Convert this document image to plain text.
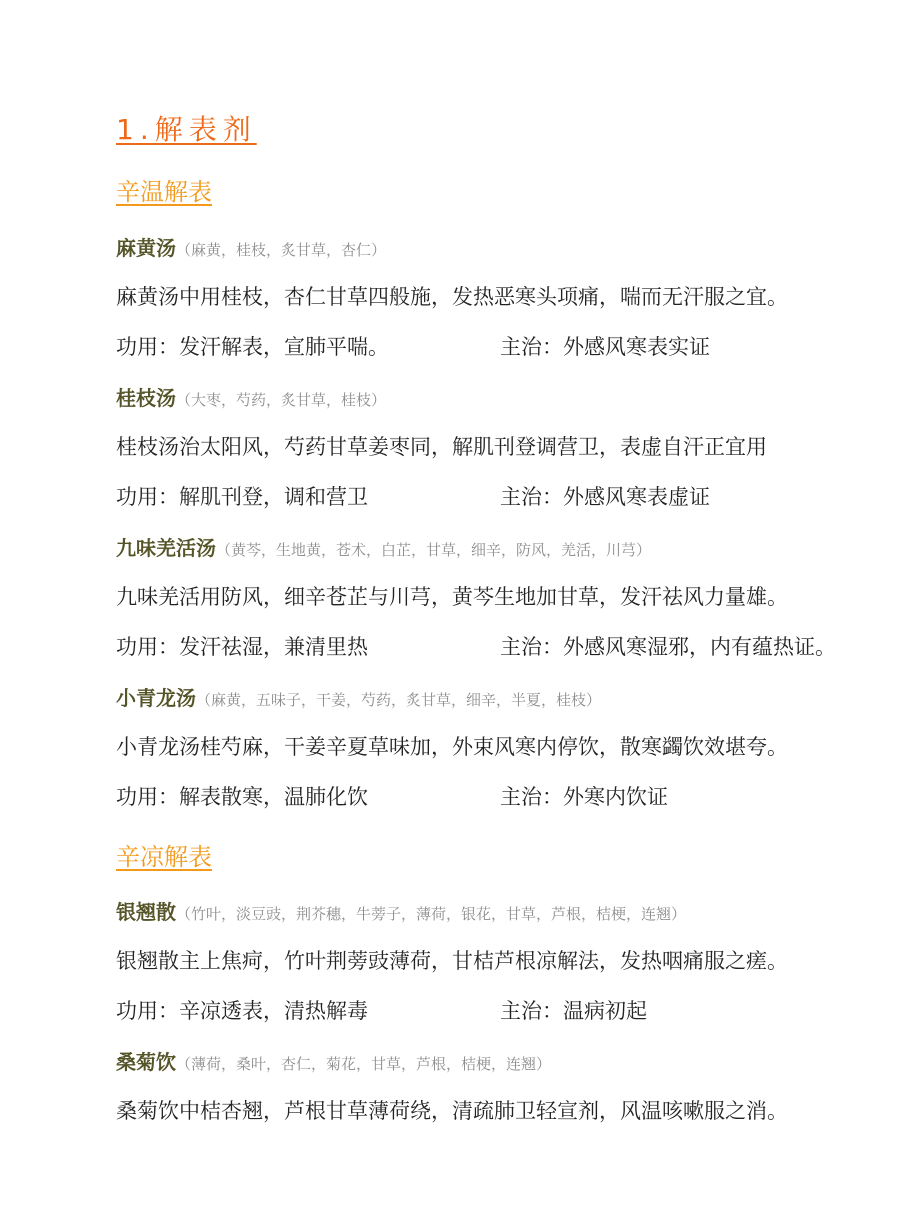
1.解表剂
辛温解表
麻黄汤（麻黄，桂枝，炙甘草，杏仁）
麻黄汤中用桂枝，杏仁甘草四般施，发热恶寒头项痛，喘而无汗服之宜。
功用：发汗解表，宣肺平喘。	主治：外感风寒表实证
桂枝汤（大枣，芍药，炙甘草，桂枝）
桂枝汤治太阳风，芍药甘草姜枣同，解肌刊登调营卫，表虚自汗正宜用
功用：解肌刊登，调和营卫	主治：外感风寒表虚证
九味羌活汤（黄芩，生地黄，苍术，白芷，甘草，细辛，防风，羌活，川芎）
九味羌活用防风，细辛苍芷与川芎，黄芩生地加甘草，发汗祛风力量雄。
功用：发汗祛湿，兼清里热	主治：外感风寒湿邪，内有蕴热证。
小青龙汤（麻黄，五味子，干姜，芍药，炙甘草，细辛，半夏，桂枝）
小青龙汤桂芍麻，干姜辛夏草味加，外束风寒内停饮，散寒蠲饮效堪夸。
功用：解表散寒，温肺化饮	主治：外寒内饮证
辛凉解表
银翘散（竹叶，淡豆豉，荆芥穗，牛蒡子，薄荷，银花，甘草，芦根，桔梗，连翘）
银翘散主上焦疴，竹叶荆蒡豉薄荷，甘桔芦根凉解法，发热咽痛服之瘥。
功用：辛凉透表，清热解毒	主治：温病初起
桑菊饮（薄荷，桑叶，杏仁，菊花，甘草，芦根，桔梗，连翘）
桑菊饮中桔杏翘，芦根甘草薄荷绕，清疏肺卫轻宣剂，风温咳嗽服之消。
